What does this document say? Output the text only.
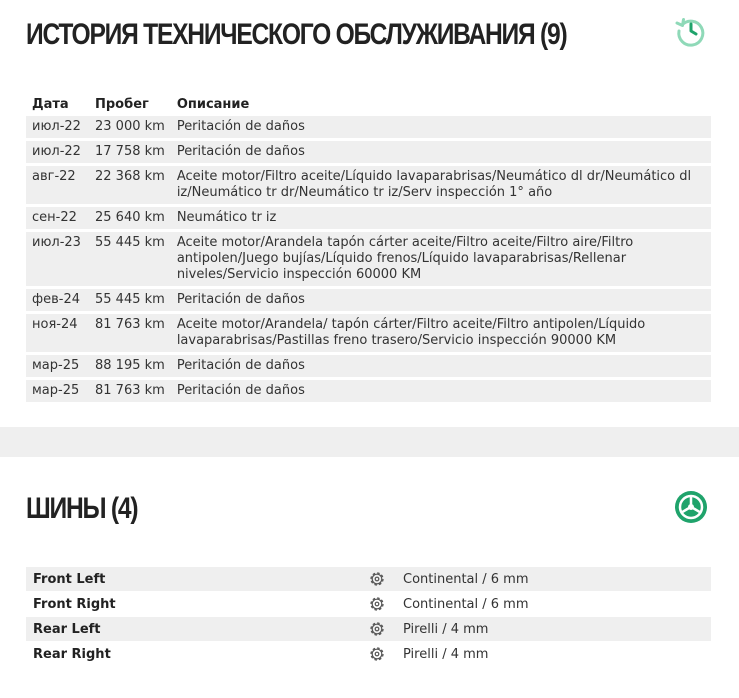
ИСТОРИЯ ТЕХНИЧЕСКОГО ОБСЛУЖИВАНИЯ (9)
Дата	Пробег	Описание
июл-22	23 000 km	Peritación de daños
июл-22	17 758 km	Peritación de daños
авг-22	22 368 km	Aceite motor/Filtro aceite/Líquido lavaparabrisas/Neumático dl dr/Neumático dl iz/Neumático tr dr/Neumático tr iz/Serv inspección 1° año
сен-22	25 640 km	Neumático tr iz
июл-23	55 445 km	Aceite motor/Arandela tapón cárter aceite/Filtro aceite/Filtro aire/Filtro antipolen/Juego bujías/Líquido frenos/Líquido lavaparabrisas/Rellenar niveles/Servicio inspección 60000 KM
фев-24	55 445 km	Peritación de daños
ноя-24	81 763 km	Aceite motor/Arandela/ tapón cárter/Filtro aceite/Filtro antipolen/Líquido lavaparabrisas/Pastillas freno trasero/Servicio inspección 90000 KM
мар-25	88 195 km	Peritación de daños
мар-25	81 763 km	Peritación de daños
ШИНЫ (4)
Front Left	Continental / 6 mm
Front Right	Continental / 6 mm
Rear Left	Pirelli / 4 mm
Rear Right	Pirelli / 4 mm
